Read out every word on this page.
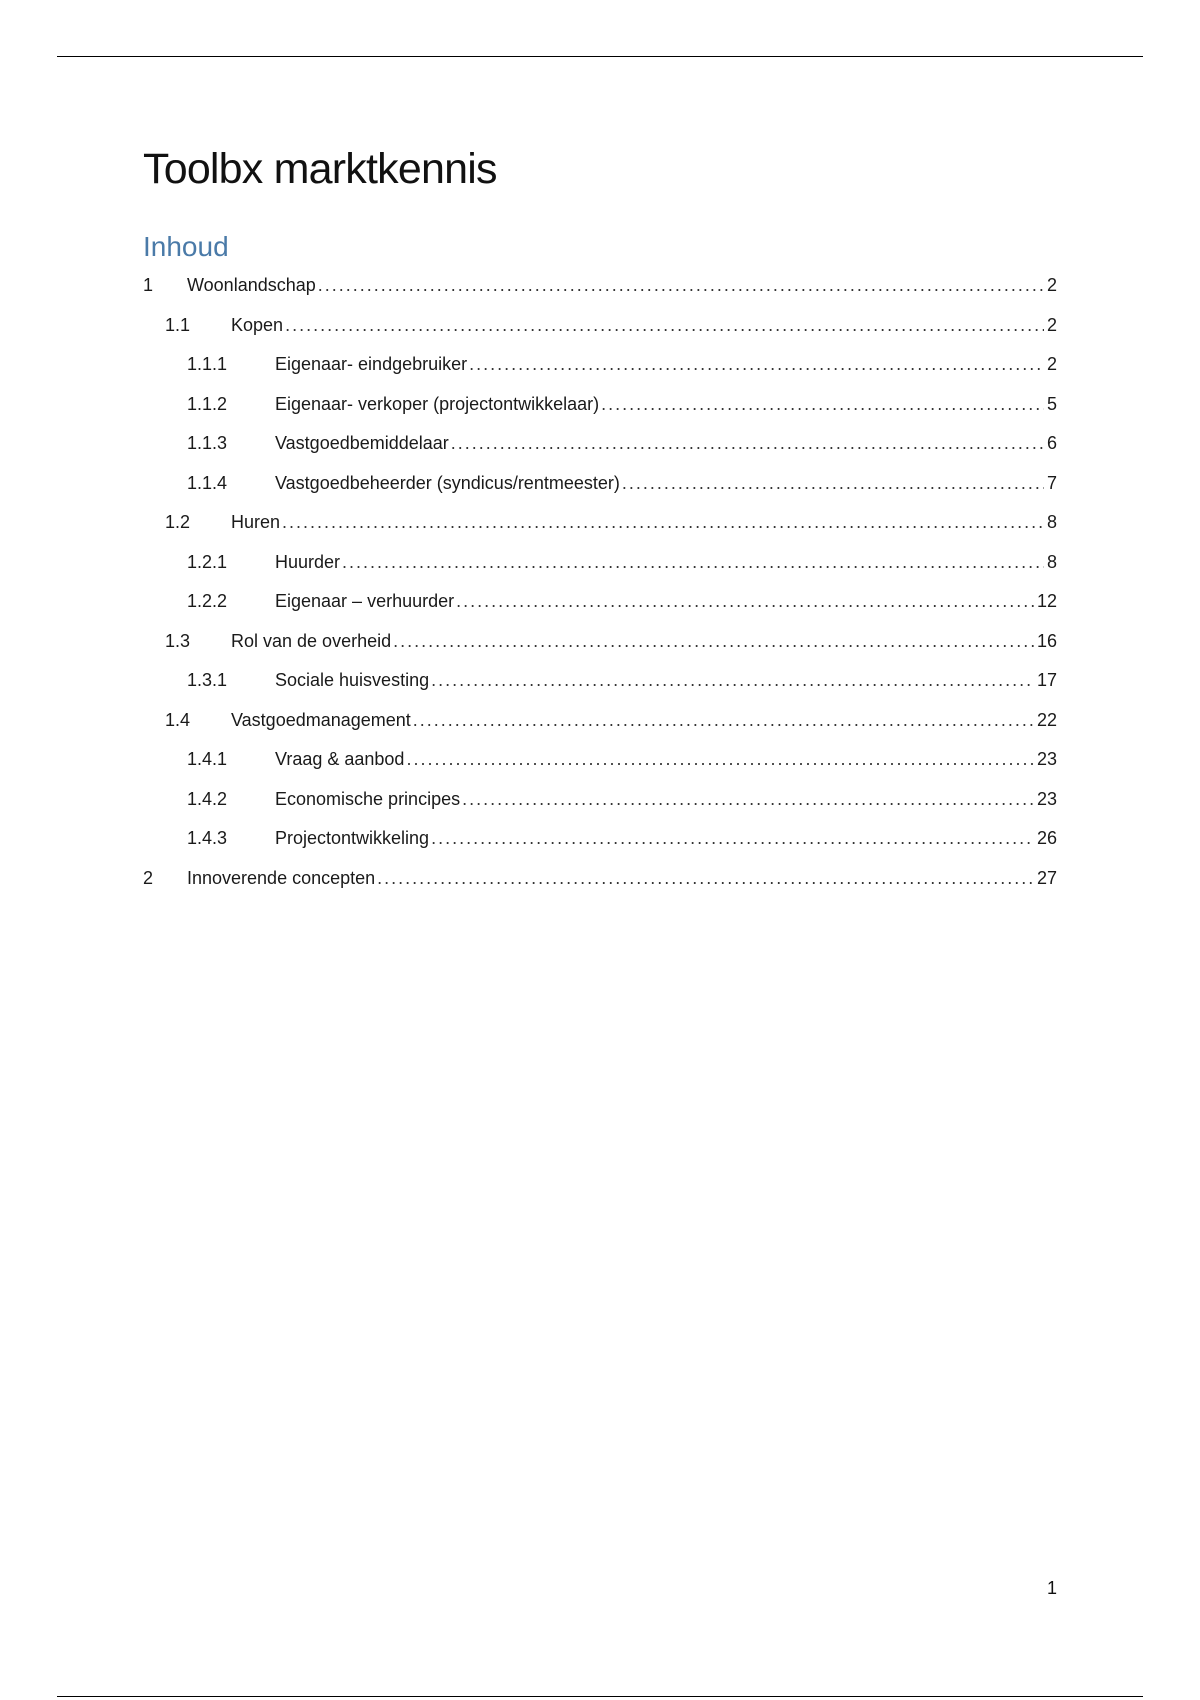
Toolbx marktkennis
Inhoud
1 Woonlandschap .....	2
1.1 Kopen .....	2
1.1.1	Eigenaar- eindgebruiker .....	2
1.1.2	Eigenaar- verkoper (projectontwikkelaar) .....	5
1.1.3	Vastgoedbemiddelaar .....	6
1.1.4	Vastgoedbeheerder (syndicus/rentmeester) .....	7
1.2 Huren .....	8
1.2.1	Huurder .....	8
1.2.2	Eigenaar – verhuurder .....	12
1.3 Rol van de overheid .....	16
1.3.1	Sociale huisvesting .....	17
1.4 Vastgoedmanagement .....	22
1.4.1	Vraag & aanbod .....	23
1.4.2	Economische principes .....	23
1.4.3	Projectontwikkeling .....	26
2 Innoverende concepten .....	27
1
